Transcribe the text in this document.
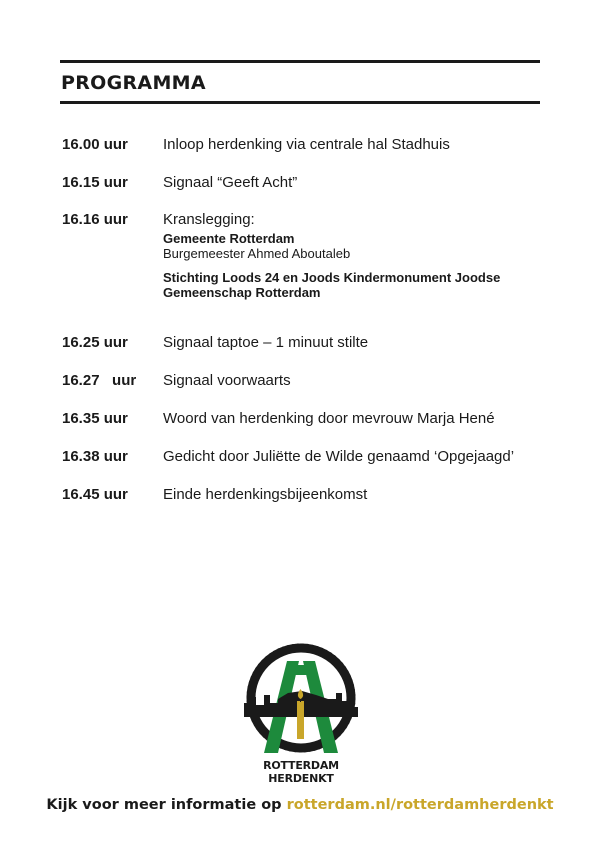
PROGRAMMA
16.00 uur Inloop herdenking via centrale hal Stadhuis
16.15 uur Signaal “Geeft Acht”
16.16 uur Kranslegging:
Gemeente Rotterdam
Burgemeester Ahmed Aboutaleb
Stichting Loods 24 en Joods Kindermonument Joodse
Gemeenschap Rotterdam
16.25 uur Signaal taptoe – 1 minuut stilte
16.27   uur Signaal voorwaarts
16.35 uur Woord van herdenking door mevrouw Marja Hené
16.38 uur Gedicht door Juliëtte de Wilde genaamd ‘Opgejaagd’
16.45 uur Einde herdenkingsbijeenkomst
ROTTERDAM HERDENKT
Kijk voor meer informatie op rotterdam.nl/rotterdamherdenkt
